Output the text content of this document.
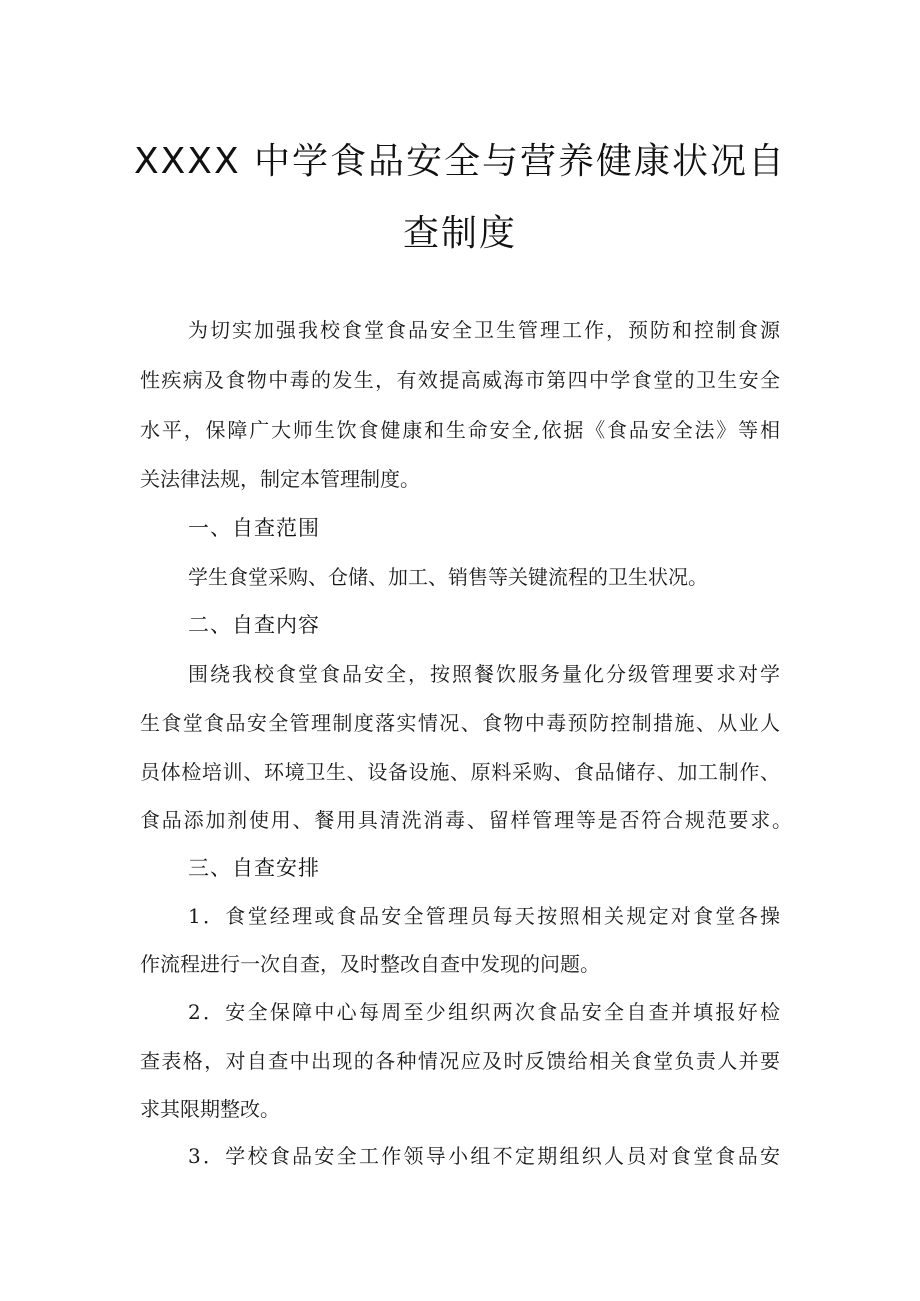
XXXX 中学食品安全与营养健康状况自
查制度
为切实加强我校食堂食品安全卫生管理工作，预防和控制食源
性疾病及食物中毒的发生，有效提高威海市第四中学食堂的卫生安全
水平，保障广大师生饮食健康和生命安全,依据《食品安全法》等相
关法律法规，制定本管理制度。
一、自查范围
学生食堂采购、仓储、加工、销售等关键流程的卫生状况。
二、自查内容
围绕我校食堂食品安全，按照餐饮服务量化分级管理要求对学
生食堂食品安全管理制度落实情况、食物中毒预防控制措施、从业人
员体检培训、环境卫生、设备设施、原料采购、食品储存、加工制作、
食品添加剂使用、餐用具清洗消毒、留样管理等是否符合规范要求。
三、自查安排
1．食堂经理或食品安全管理员每天按照相关规定对食堂各操
作流程进行一次自查，及时整改自查中发现的问题。
2．安全保障中心每周至少组织两次食品安全自查并填报好检
查表格，对自查中出现的各种情况应及时反馈给相关食堂负责人并要
求其限期整改。
3．学校食品安全工作领导小组不定期组织人员对食堂食品安
